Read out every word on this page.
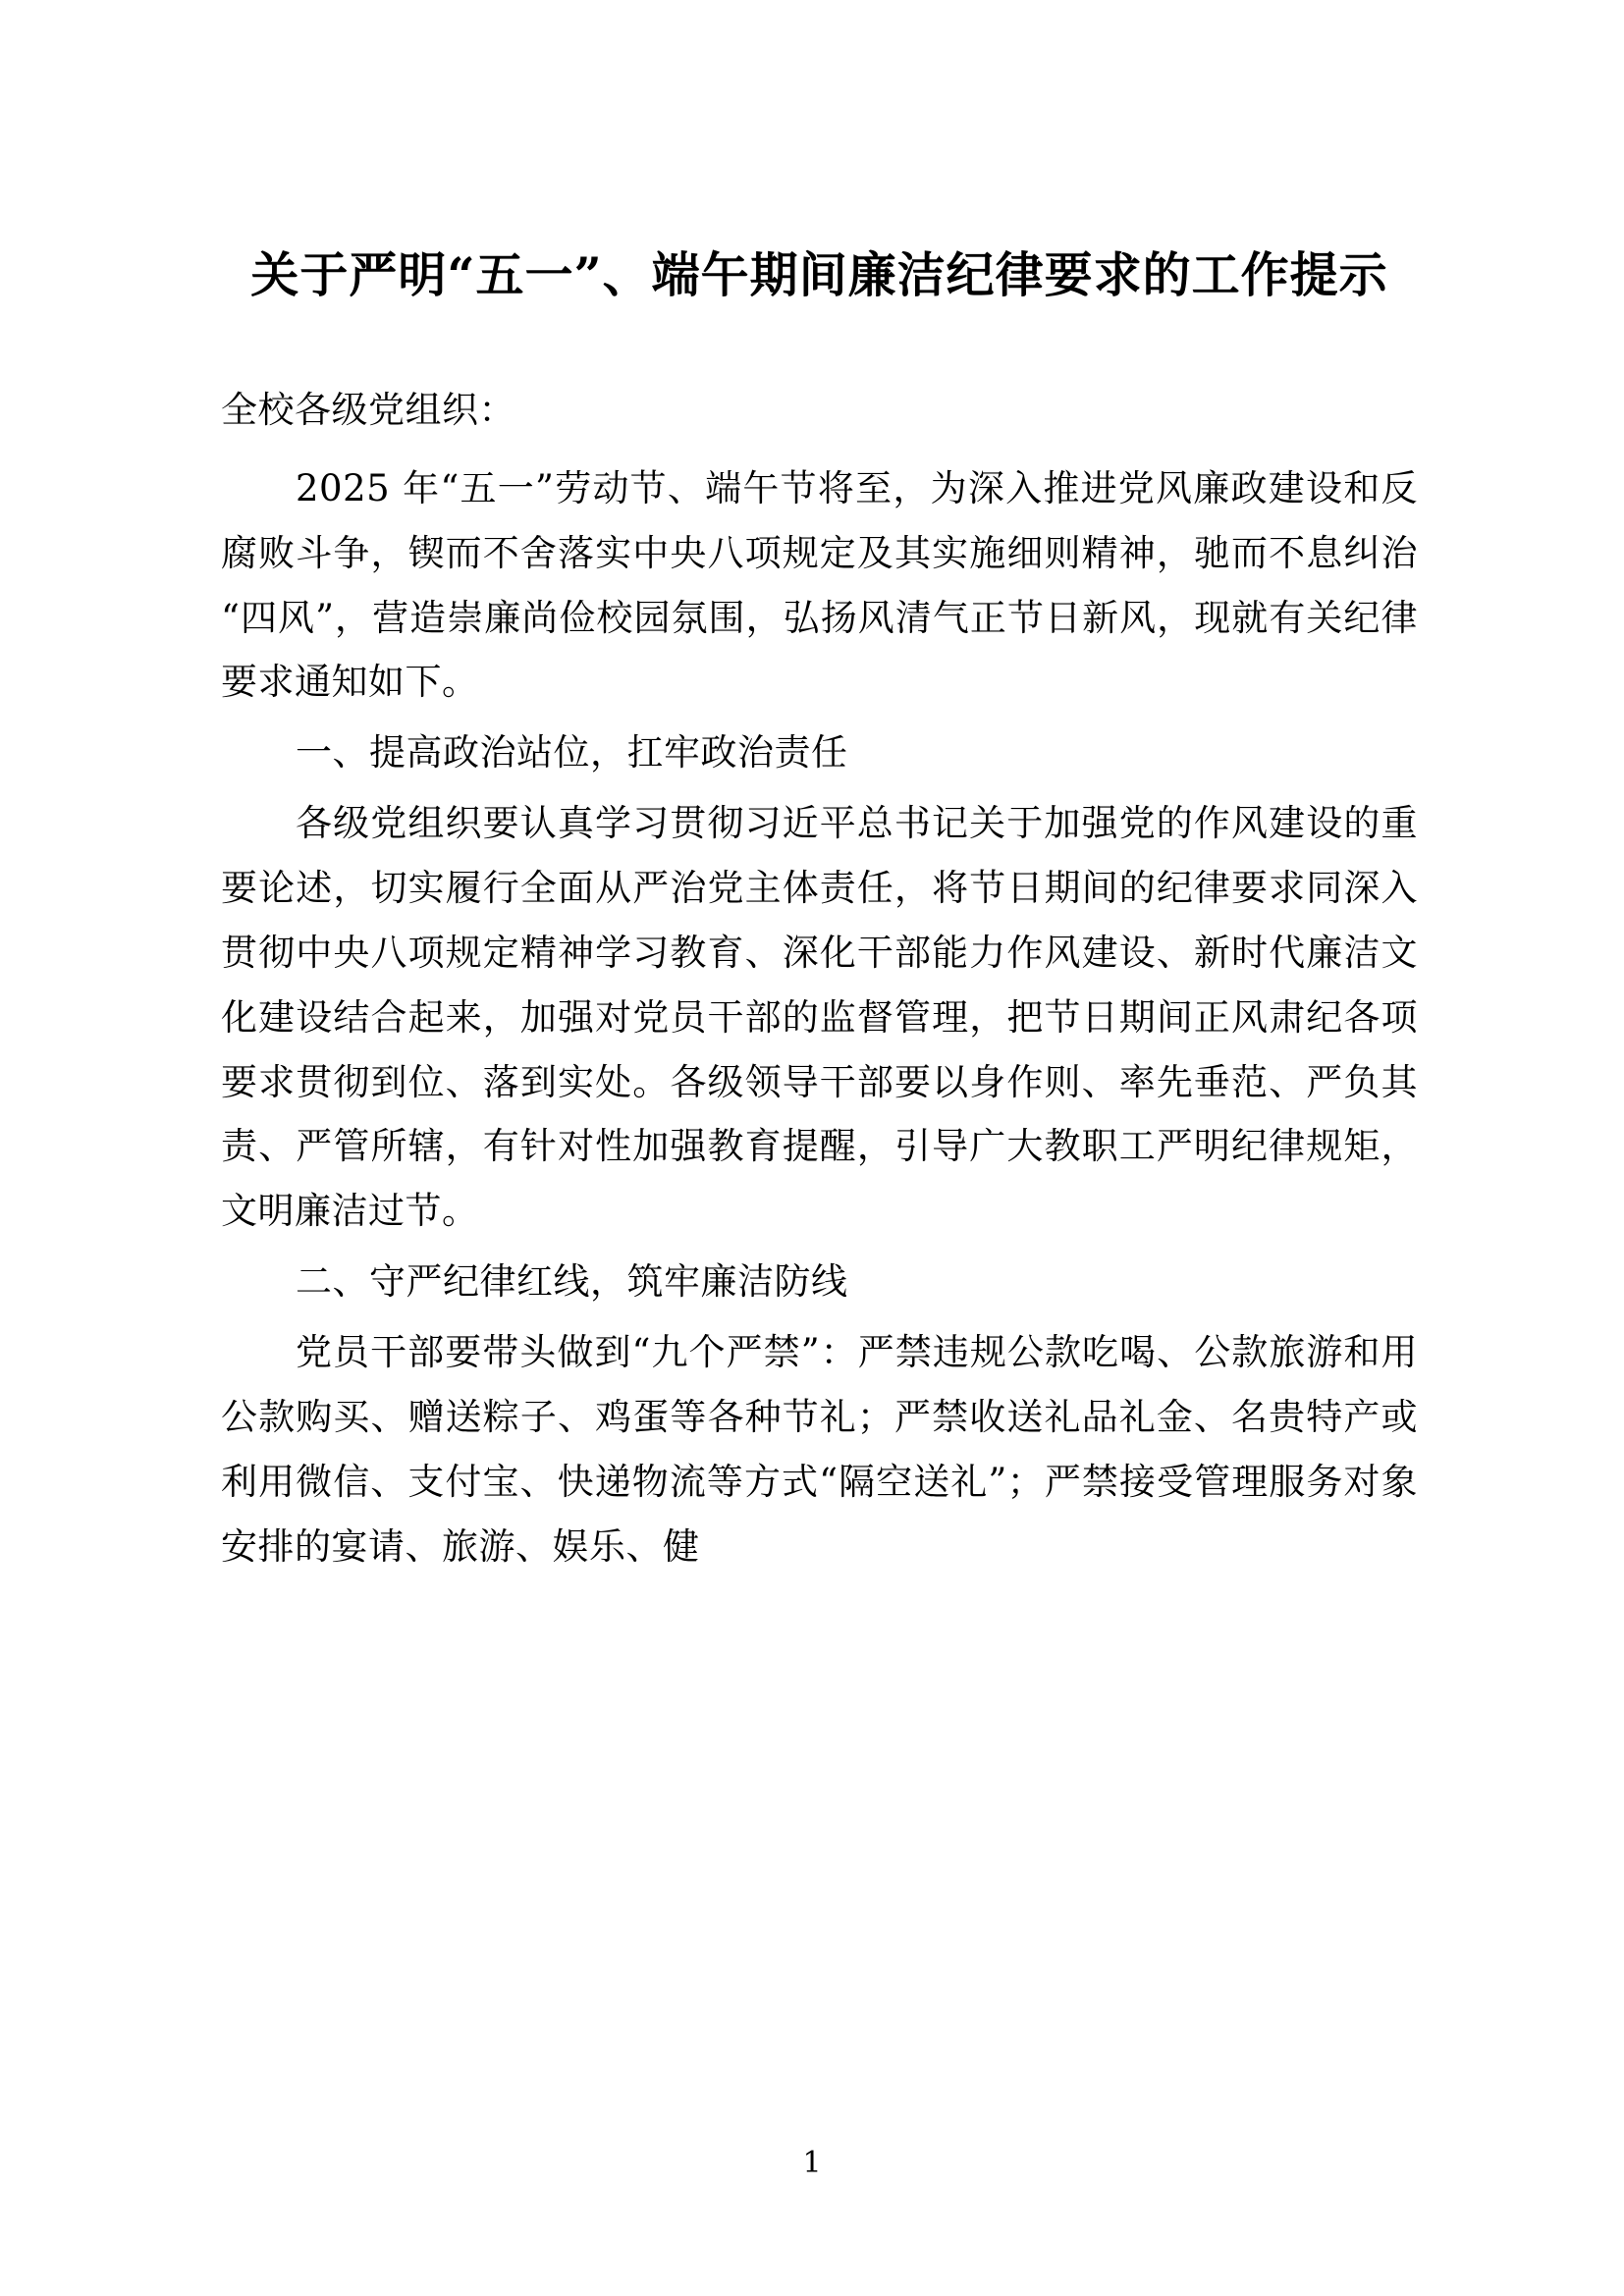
关于严明“五一”、端午期间廉洁纪律要求的工作提示

全校各级党组织：

2025 年“五一”劳动节、端午节将至，为深入推进党风廉政建设和反腐败斗争，锲而不舍落实中央八项规定及其实施细则精神，驰而不息纠治“四风”，营造崇廉尚俭校园氛围，弘扬风清气正节日新风，现就有关纪律要求通知如下。

一、提高政治站位，扛牢政治责任

各级党组织要认真学习贯彻习近平总书记关于加强党的作风建设的重要论述，切实履行全面从严治党主体责任，将节日期间的纪律要求同深入贯彻中央八项规定精神学习教育、深化干部能力作风建设、新时代廉洁文化建设结合起来，加强对党员干部的监督管理，把节日期间正风肃纪各项要求贯彻到位、落到实处。各级领导干部要以身作则、率先垂范、严负其责、严管所辖，有针对性加强教育提醒，引导广大教职工严明纪律规矩，文明廉洁过节。

二、守严纪律红线，筑牢廉洁防线

党员干部要带头做到“九个严禁”：严禁违规公款吃喝、公款旅游和用公款购买、赠送粽子、鸡蛋等各种节礼；严禁收送礼品礼金、名贵特产或利用微信、支付宝、快递物流等方式“隔空送礼”；严禁接受管理服务对象安排的宴请、旅游、娱乐、健

1
